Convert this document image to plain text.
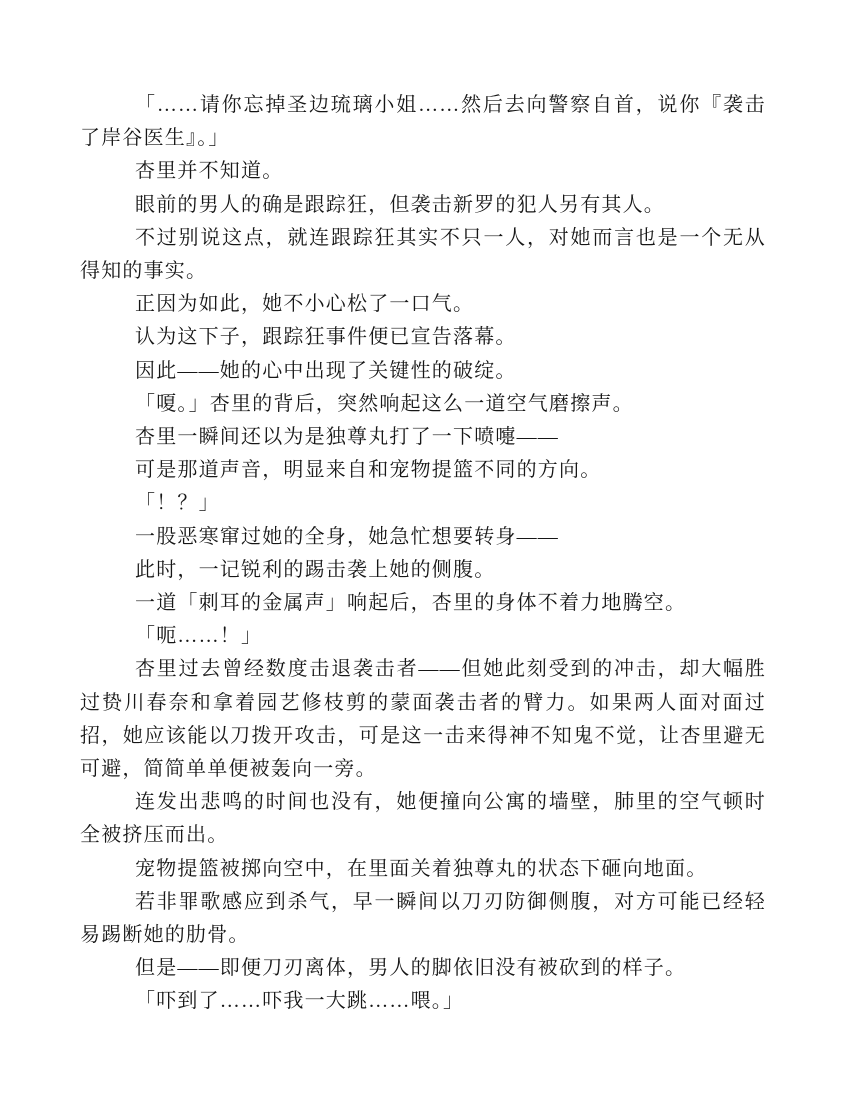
「……请你忘掉圣边琉璃小姐……然后去向警察自首，说你『袭击了岸谷医生』。」

杏里并不知道。

眼前的男人的确是跟踪狂，但袭击新罗的犯人另有其人。

不过别说这点，就连跟踪狂其实不只一人，对她而言也是一个无从得知的事实。

正因为如此，她不小心松了一口气。

认为这下子，跟踪狂事件便已宣告落幕。

因此——她的心中出现了关键性的破绽。

「嗄。」杏里的背后，突然响起这么一道空气磨擦声。

杏里一瞬间还以为是独尊丸打了一下喷嚏——

可是那道声音，明显来自和宠物提篮不同的方向。

「！？」

一股恶寒窜过她的全身，她急忙想要转身——

此时，一记锐利的踢击袭上她的侧腹。

一道「刺耳的金属声」响起后，杏里的身体不着力地腾空。

「呃……！」

杏里过去曾经数度击退袭击者——但她此刻受到的冲击，却大幅胜过贽川春奈和拿着园艺修枝剪的蒙面袭击者的臂力。如果两人面对面过招，她应该能以刀拨开攻击，可是这一击来得神不知鬼不觉，让杏里避无可避，简简单单便被轰向一旁。

连发出悲鸣的时间也没有，她便撞向公寓的墙壁，肺里的空气顿时全被挤压而出。

宠物提篮被掷向空中，在里面关着独尊丸的状态下砸向地面。

若非罪歌感应到杀气，早一瞬间以刀刃防御侧腹，对方可能已经轻易踢断她的肋骨。

但是——即便刀刃离体，男人的脚依旧没有被砍到的样子。

「吓到了……吓我一大跳……喂。」
